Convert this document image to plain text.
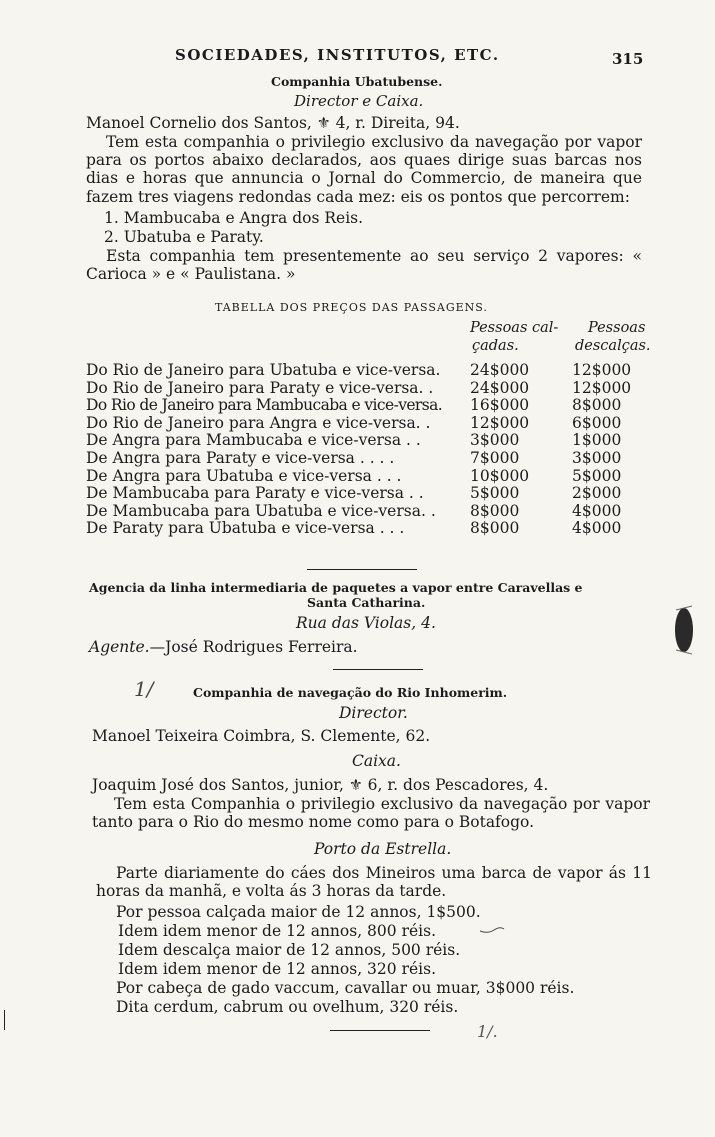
SOCIEDADES, INSTITUTOS, ETC.	315
Companhia Ubatubense.
Director e Caixa.
Manoel Cornelio dos Santos, ⚜ 4, r. Direita, 94.
Tem esta companhia o privilegio exclusivo da navegação por vapor para os portos abaixo declarados, aos quaes dirige suas barcas nos dias e horas que annuncia o Jornal do Commercio, de maneira que fazem tres viagens redondas cada mez: eis os pontos que percorrem:
1. Mambucaba e Angra dos Reis.
2. Ubatuba e Paraty.
Esta companhia tem presentemente ao seu serviço 2 vapores: « Carioca » e « Paulistana. »
TABELLA DOS PREÇOS DAS PASSAGENS.
Pessoas cal-
çadas.
Pessoas
descalças.
Do Rio de Janeiro para Ubatuba e vice-versa.	24$000	12$000
Do Rio de Janeiro para Paraty e vice-versa. .	24$000	12$000
Do Rio de Janeiro para Mambucaba e vice-versa.	16$000	8$000
Do Rio de Janeiro para Angra e vice-versa. .	12$000	6$000
De Angra para Mambucaba e vice-versa . .	3$000	1$000
De Angra para Paraty e vice-versa . . . .	7$000	3$000
De Angra para Ubatuba e vice-versa . . .	10$000	5$000
De Mambucaba para Paraty e vice-versa . .	5$000	2$000
De Mambucaba para Ubatuba e vice-versa. .	8$000	4$000
De Paraty para Ubatuba e vice-versa . . .	8$000	4$000
Agencia da linha intermediaria de paquetes a vapor entre Caravellas e
Santa Catharina.
Rua das Violas, 4.
Agente.—José Rodrigues Ferreira.
1/	Companhia de navegação do Rio Inhomerim.
Director.
Manoel Teixeira Coimbra, S. Clemente, 62.
Caixa.
Joaquim José dos Santos, junior, ⚜ 6, r. dos Pescadores, 4.
Tem esta Companhia o privilegio exclusivo da navegação por vapor tanto para o Rio do mesmo nome como para o Botafogo.
Porto da Estrella.
Parte diariamente do cáes dos Mineiros uma barca de vapor ás 11 horas da manhã, e volta ás 3 horas da tarde.
Por pessoa calçada maior de 12 annos, 1$500.
Idem idem menor de 12 annos, 800 réis.
Idem descalça maior de 12 annos, 500 réis.
Idem idem menor de 12 annos, 320 réis.
Por cabeça de gado vaccum, cavallar ou muar, 3$000 réis.
Dita cerdum, cabrum ou ovelhum, 320 réis.
1/.
